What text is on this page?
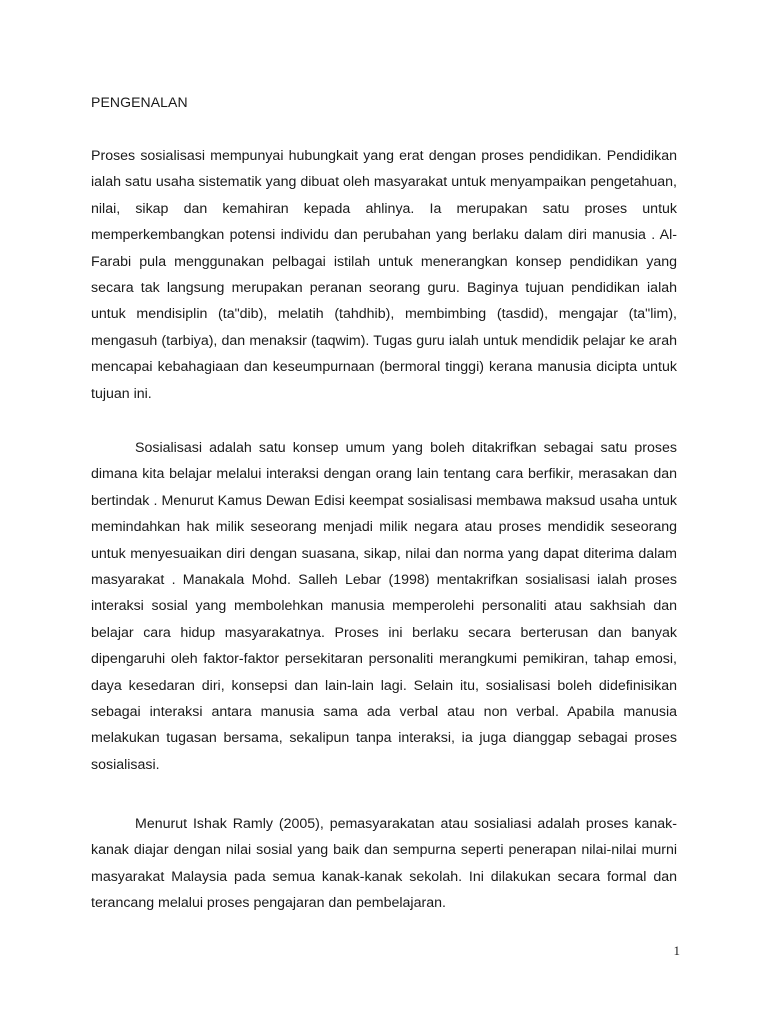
PENGENALAN

Proses sosialisasi mempunyai hubungkait yang erat dengan proses pendidikan. Pendidikan ialah satu usaha sistematik yang dibuat oleh masyarakat untuk menyampaikan pengetahuan, nilai, sikap dan kemahiran kepada ahlinya. Ia merupakan satu proses untuk memperkembangkan potensi individu dan perubahan yang berlaku dalam diri manusia . Al-Farabi pula menggunakan pelbagai istilah untuk menerangkan konsep pendidikan yang secara tak langsung merupakan peranan seorang guru. Baginya tujuan pendidikan ialah untuk mendisiplin (ta"dib), melatih (tahdhib), membimbing (tasdid), mengajar (ta"lim), mengasuh (tarbiya), dan menaksir (taqwim). Tugas guru ialah untuk mendidik pelajar ke arah mencapai kebahagiaan dan keseumpurnaan (bermoral tinggi) kerana manusia dicipta untuk tujuan ini.

Sosialisasi adalah satu konsep umum yang boleh ditakrifkan sebagai satu proses dimana kita belajar melalui interaksi dengan orang lain tentang cara berfikir, merasakan dan bertindak . Menurut Kamus Dewan Edisi keempat sosialisasi membawa maksud usaha untuk memindahkan hak milik seseorang menjadi milik negara atau proses mendidik seseorang untuk menyesuaikan diri dengan suasana, sikap, nilai dan norma yang dapat diterima dalam masyarakat . Manakala Mohd. Salleh Lebar (1998) mentakrifkan sosialisasi ialah proses interaksi sosial yang membolehkan manusia memperolehi personaliti atau sakhsiah dan belajar cara hidup masyarakatnya. Proses ini berlaku secara berterusan dan banyak dipengaruhi oleh faktor-faktor persekitaran personaliti merangkumi pemikiran, tahap emosi, daya kesedaran diri, konsepsi dan lain-lain lagi. Selain itu, sosialisasi boleh didefinisikan sebagai interaksi antara manusia sama ada verbal atau non verbal. Apabila manusia melakukan tugasan bersama, sekalipun tanpa interaksi, ia juga dianggap sebagai proses sosialisasi.

Menurut Ishak Ramly (2005), pemasyarakatan atau sosialiasi adalah proses kanak-kanak diajar dengan nilai sosial yang baik dan sempurna seperti penerapan nilai-nilai murni masyarakat Malaysia pada semua kanak-kanak sekolah. Ini dilakukan secara formal dan terancang melalui proses pengajaran dan pembelajaran.

1
